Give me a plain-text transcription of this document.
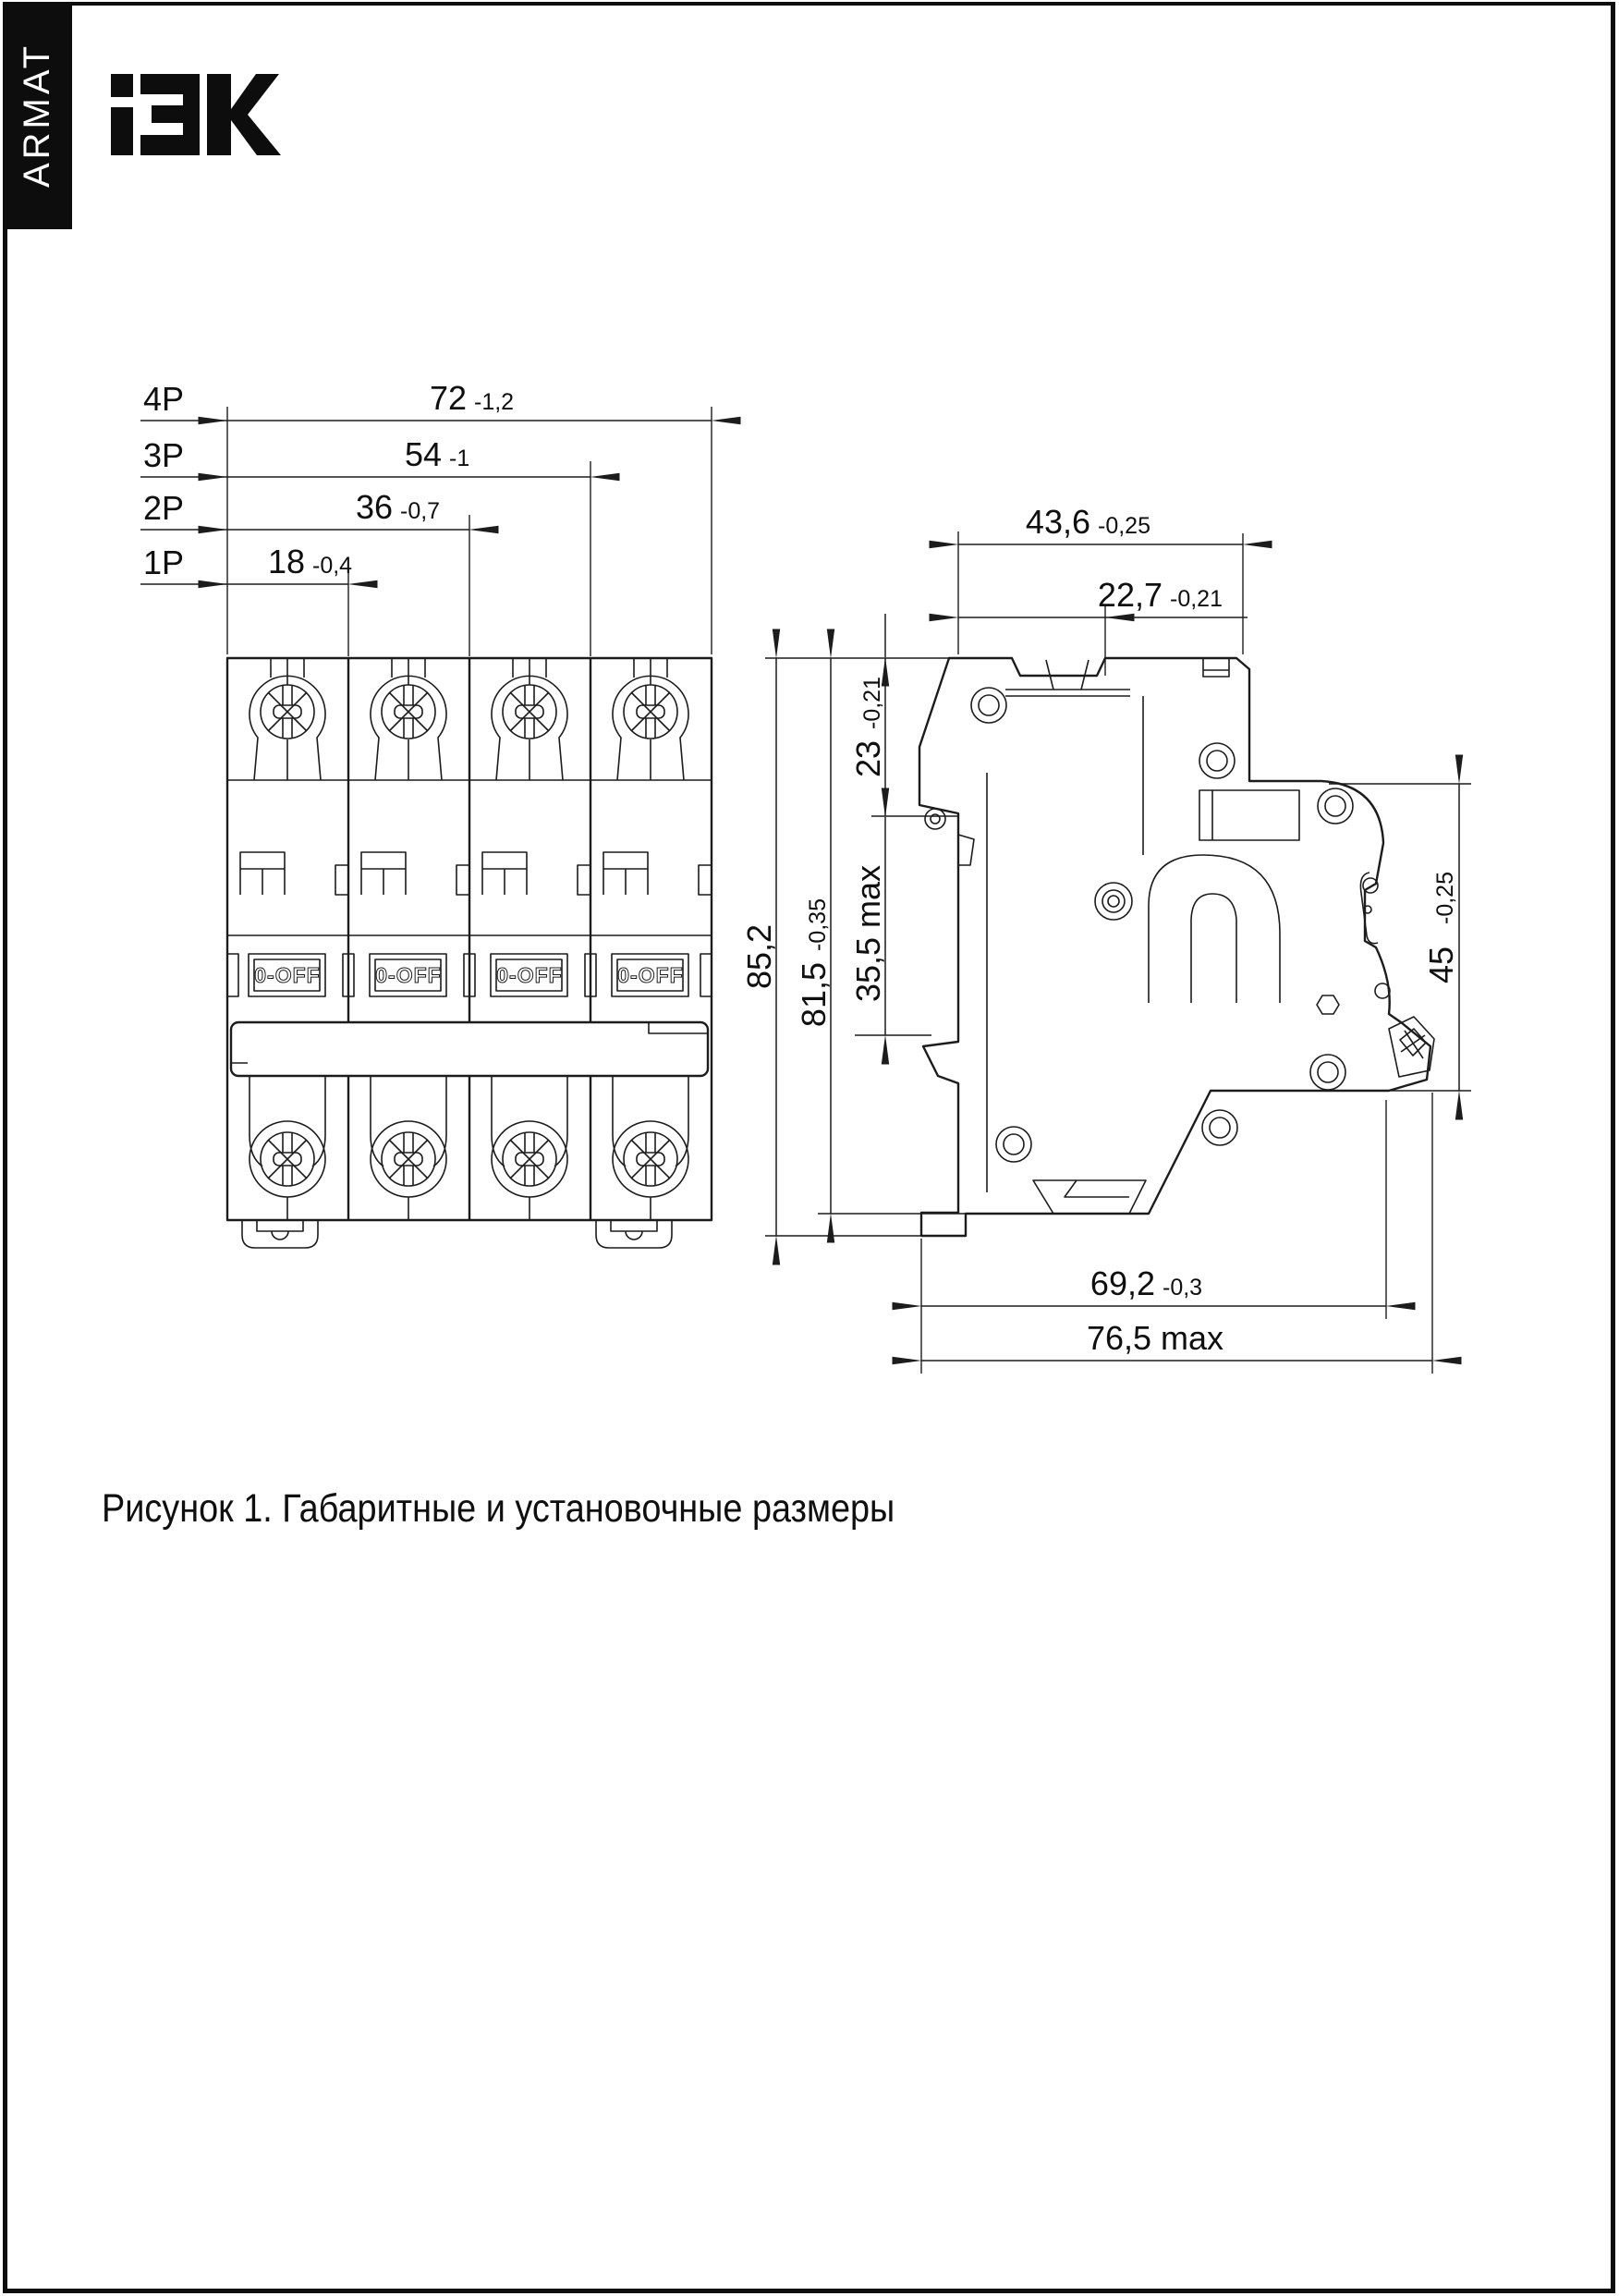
ARMAT
0-OFF	0-OFF	0-OFF	0-OFF
4P
3P
2P
1P
72 -1,2
54 -1
36 -0,7
18 -0,4
43,6 -0,25
22,7 -0,21
85,2
81,5
-0,35 35,5 max
23
-0,21
45
-0,25
69,2 -0,3
76,5 max
Рисунок 1. Габаритные и установочные размеры
